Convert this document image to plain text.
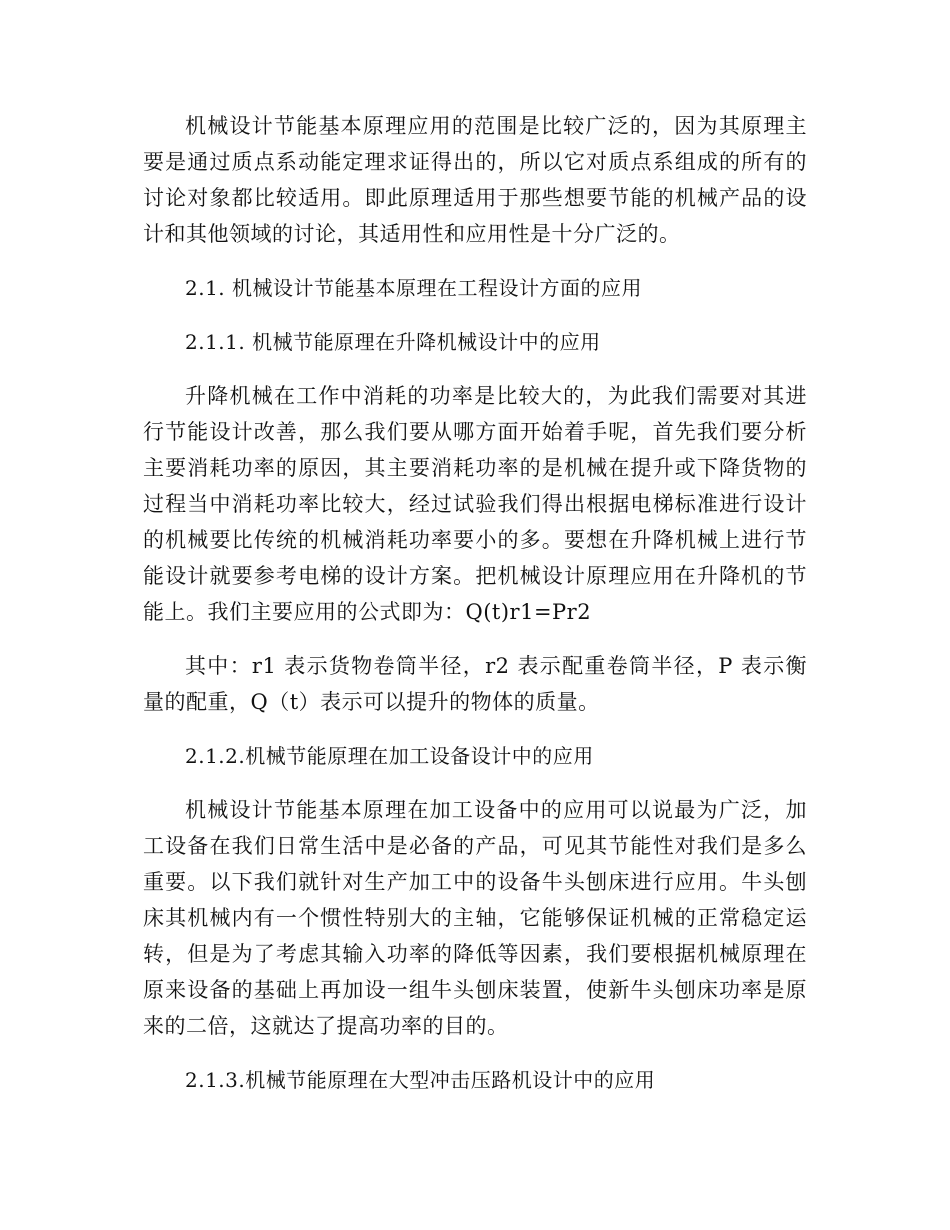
机械设计节能基本原理应用的范围是比较广泛的，因为其原理主要是通过质点系动能定理求证得出的，所以它对质点系组成的所有的讨论对象都比较适用。即此原理适用于那些想要节能的机械产品的设计和其他领域的讨论，其适用性和应用性是十分广泛的。

2.1. 机械设计节能基本原理在工程设计方面的应用

2.1.1. 机械节能原理在升降机械设计中的应用

升降机械在工作中消耗的功率是比较大的，为此我们需要对其进行节能设计改善，那么我们要从哪方面开始着手呢，首先我们要分析主要消耗功率的原因，其主要消耗功率的是机械在提升或下降货物的过程当中消耗功率比较大，经过试验我们得出根据电梯标准进行设计的机械要比传统的机械消耗功率要小的多。要想在升降机械上进行节能设计就要参考电梯的设计方案。把机械设计原理应用在升降机的节能上。我们主要应用的公式即为：Q(t)r1=Pr2

其中：r1 表示货物卷筒半径，r2 表示配重卷筒半径，P 表示衡量的配重，Q（t）表示可以提升的物体的质量。

2.1.2.机械节能原理在加工设备设计中的应用

机械设计节能基本原理在加工设备中的应用可以说最为广泛，加工设备在我们日常生活中是必备的产品，可见其节能性对我们是多么重要。以下我们就针对生产加工中的设备牛头刨床进行应用。牛头刨床其机械内有一个惯性特别大的主轴，它能够保证机械的正常稳定运转，但是为了考虑其输入功率的降低等因素，我们要根据机械原理在原来设备的基础上再加设一组牛头刨床装置，使新牛头刨床功率是原来的二倍，这就达了提高功率的目的。

2.1.3.机械节能原理在大型冲击压路机设计中的应用
